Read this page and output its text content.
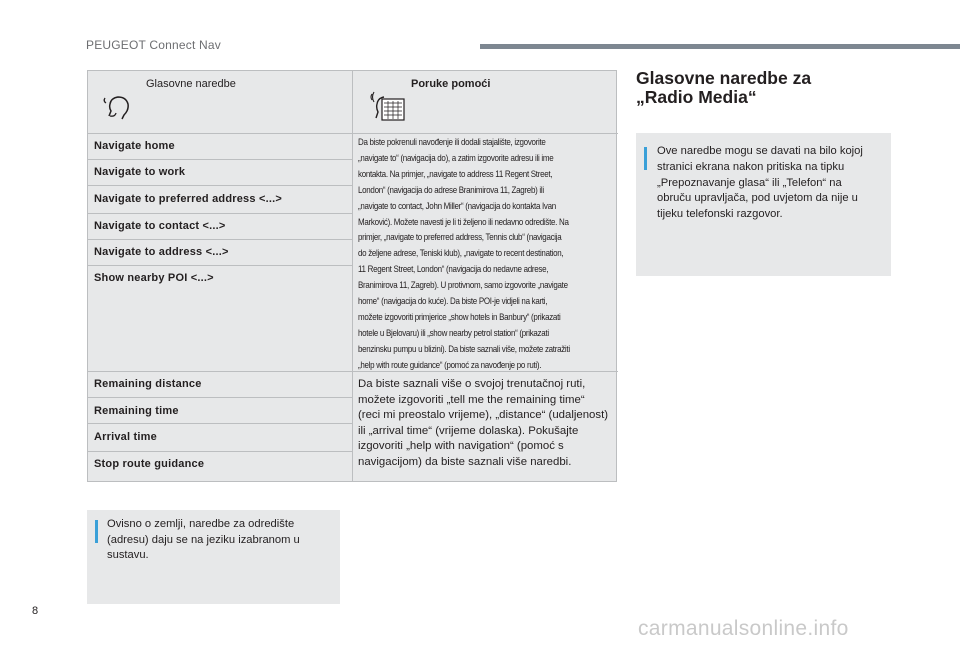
PEUGEOT Connect Nav
Glasovne naredbe	Poruke pomoći
Navigate home
Navigate to work
Navigate to preferred address <...>
Navigate to contact <...>
Navigate to address <...>
Show nearby POI <...>
Da biste pokrenuli navođenje ili dodali stajalište, izgovorite
„navigate to“ (navigacija do), a zatim izgovorite adresu ili ime
kontakta. Na primjer, „navigate to address 11 Regent Street,
London“ (navigacija do adrese Branimirova 11, Zagreb) ili
„navigate to contact, John Miller“ (navigacija do kontakta Ivan
Marković). Možete navesti je li ti željeno ili nedavno odredište. Na
primjer, „navigate to preferred address, Tennis club“ (navigacija
do željene adrese, Teniski klub), „navigate to recent destination,
11 Regent Street, London“ (navigacija do nedavne adrese,
Branimirova 11, Zagreb). U protivnom, samo izgovorite „navigate
home“ (navigacija do kuće). Da biste POI-je vidjeli na karti,
možete izgovoriti primjerice „show hotels in Banbury“ (prikazati
hotele u Bjelovaru) ili „show nearby petrol station“ (prikazati
benzinsku pumpu u blizini). Da biste saznali više, možete zatražiti
„help with route guidance“ (pomoć za navođenje po ruti).
Remaining distance
Remaining time
Arrival time
Stop route guidance
Da biste saznali više o svojoj trenutačnoj ruti,
možete izgovoriti „tell me the remaining time“
(reci mi preostalo vrijeme), „distance“ (udaljenost)
ili „arrival time“ (vrijeme dolaska). Pokušajte
izgovoriti „help with navigation“ (pomoć s
navigacijom) da biste saznali više naredbi.
Ovisno o zemlji, naredbe za odredište
(adresu) daju se na jeziku izabranom u
sustavu.
Glasovne naredbe za
„Radio Media“
Ove naredbe mogu se davati na bilo kojoj
stranici ekrana nakon pritiska na tipku
„Prepoznavanje glasa“ ili „Telefon“ na
obruču upravljača, pod uvjetom da nije u
tijeku telefonski razgovor.
8
carmanualsonline.info
